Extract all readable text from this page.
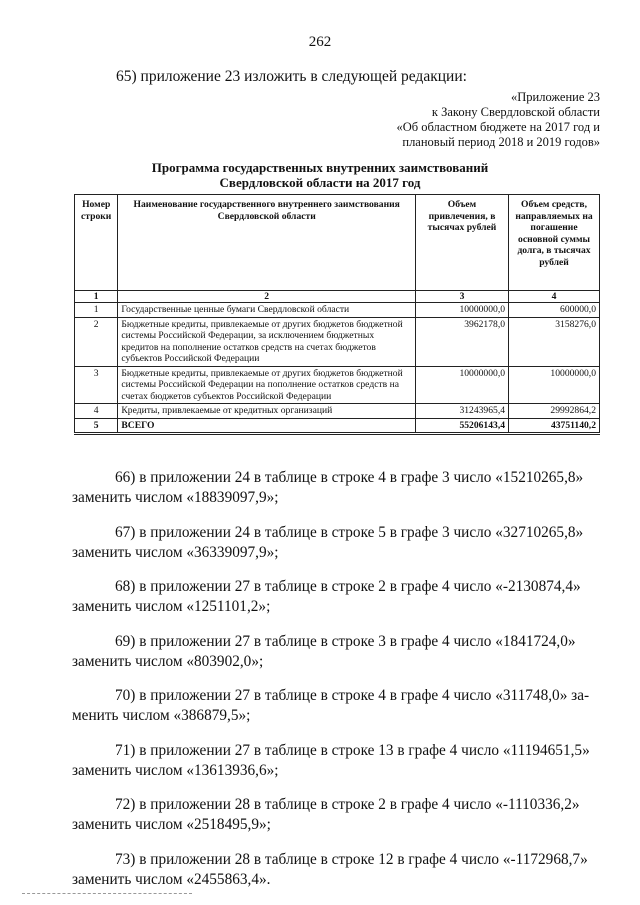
262
65) приложение 23 изложить в следующей редакции:
«Приложение 23
к Закону Свердловской области
«Об областном бюджете на 2017 год и
плановый период 2018 и 2019 годов»
Программа государственных внутренних заимствований
Свердловской области на 2017 год
Номер строки	Наименование государственного внутреннего заимствования Свердловской области	Объем привлечения, в тысячах рублей	Объем средств, направляемых на погашение основной суммы долга, в тысячах рублей
1	2	3	4
1	Государственные ценные бумаги Свердловской области	10000000,0	600000,0
2	Бюджетные кредиты, привлекаемые от других бюджетов бюджетной системы Российской Федерации, за исключением бюджетных кредитов на пополнение остатков средств на счетах бюджетов субъектов Российской Федерации	3962178,0	3158276,0
3	Бюджетные кредиты, привлекаемые от других бюджетов бюджетной системы Российской Федерации на пополнение остатков средств на счетах бюджетов субъектов Российской Федерации	10000000,0	10000000,0
4	Кредиты, привлекаемые от кредитных организаций	31243965,4	29992864,2
5	ВСЕГО	55206143,4	43751140,2
66) в приложении 24 в таблице в строке 4 в графе 3 число «15210265,8»
заменить числом «18839097,9»;
67) в приложении 24 в таблице в строке 5 в графе 3 число «32710265,8»
заменить числом «36339097,9»;
68) в приложении 27 в таблице в строке 2 в графе 4 число «-2130874,4»
заменить числом «1251101,2»;
69) в приложении 27 в таблице в строке 3 в графе 4 число «1841724,0»
заменить числом «803902,0»;
70) в приложении 27 в таблице в строке 4 в графе 4 число «311748,0» за-
менить числом «386879,5»;
71) в приложении 27 в таблице в строке 13 в графе 4 число «11194651,5»
заменить числом «13613936,6»;
72) в приложении 28 в таблице в строке 2 в графе 4 число «-1110336,2»
заменить числом «2518495,9»;
73) в приложении 28 в таблице в строке 12 в графе 4 число «-1172968,7»
заменить числом «2455863,4».
